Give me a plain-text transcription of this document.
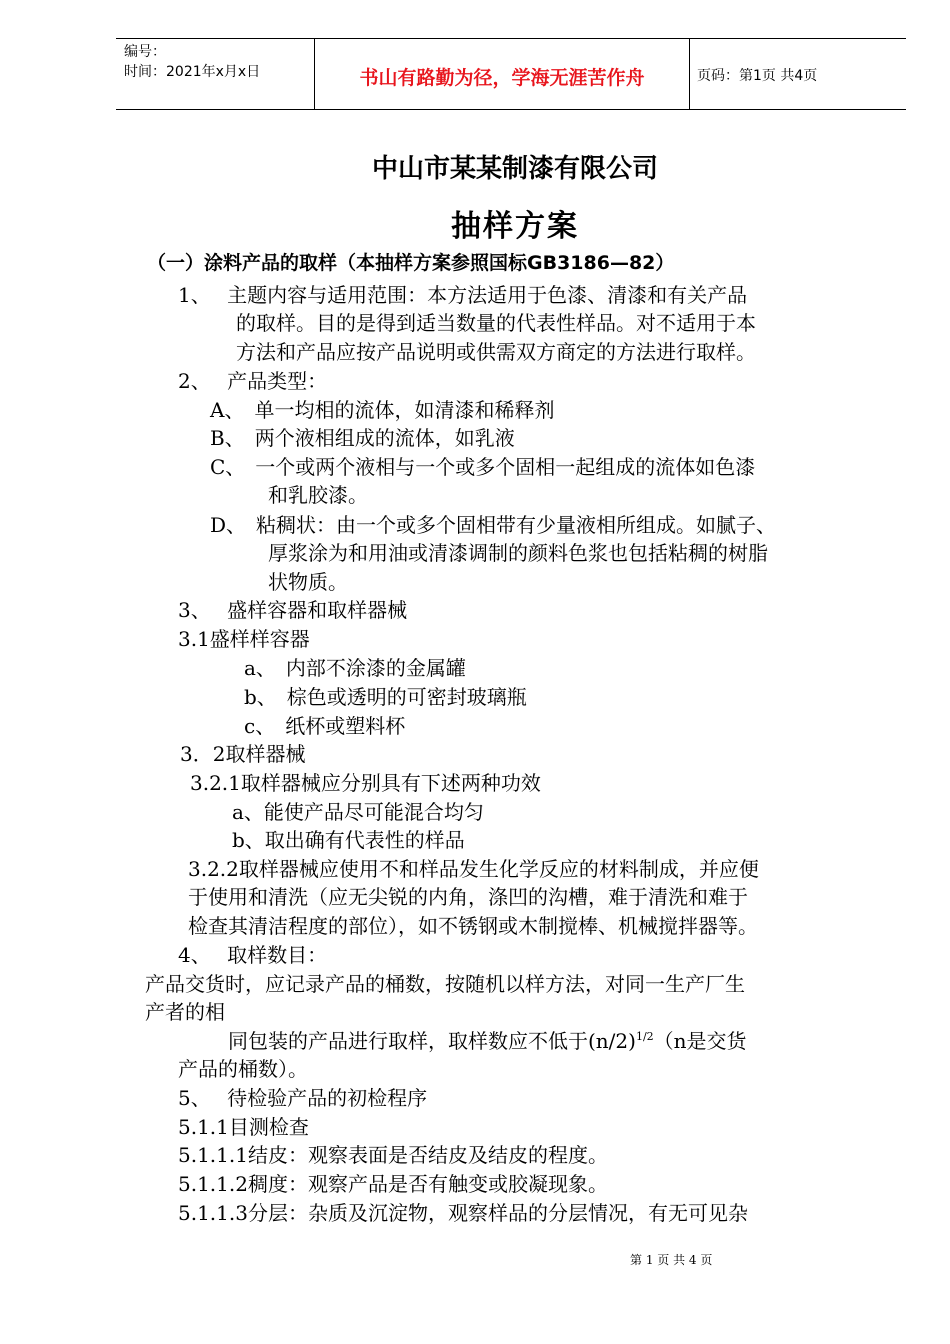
编号：
时间：2021年x月x日	书山有路勤为径，学海无涯苦作舟	页码：第1页 共4页
中山市某某制漆有限公司
抽样方案
（一）涂料产品的取样（本抽样方案参照国标GB3186—82）
1、　 主题内容与适用范围：本方法适用于色漆、清漆和有关产品
的取样。目的是得到适当数量的代表性样品。对不适用于本
方法和产品应按产品说明或供需双方商定的方法进行取样。
2、　 产品类型：
A、　单一均相的流体，如清漆和稀释剂
B、　两个液相组成的流体，如乳液
C、　一个或两个液相与一个或多个固相一起组成的流体如色漆
和乳胶漆。
D、　粘稠状：由一个或多个固相带有少量液相所组成。如腻子、
厚浆涂为和用油或清漆调制的颜料色浆也包括粘稠的树脂
状物质。
3、　 盛样容器和取样器械
3.1盛样样容器
a、　内部不涂漆的金属罐
b、　棕色或透明的可密封玻璃瓶
c、　纸杯或塑料杯
3．2取样器械
3.2.1取样器械应分别具有下述两种功效
a、能使产品尽可能混合均匀
b、取出确有代表性的样品
3.2.2取样器械应使用不和样品发生化学反应的材料制成，并应便
于使用和清洗（应无尖锐的内角，涤凹的沟槽，难于清洗和难于
检查其清洁程度的部位），如不锈钢或木制搅棒、机械搅拌器等。
4、　 取样数目：
产品交货时，应记录产品的桶数，按随机以样方法，对同一生产厂生
产者的相
同包装的产品进行取样，取样数应不低于$(n/2)^{1/2}(n$是交货
产品的桶数）。
5、　 待检验产品的初检程序
5.1.1目测检查
5.1.1.1结皮：观察表面是否结皮及结皮的程度。
5.1.1.2稠度：观察产品是否有触变或胶凝现象。
5.1.1.3分层：杂质及沉淀物，观察样品的分层情况，有无可见杂
第 1 页 共 4 页
